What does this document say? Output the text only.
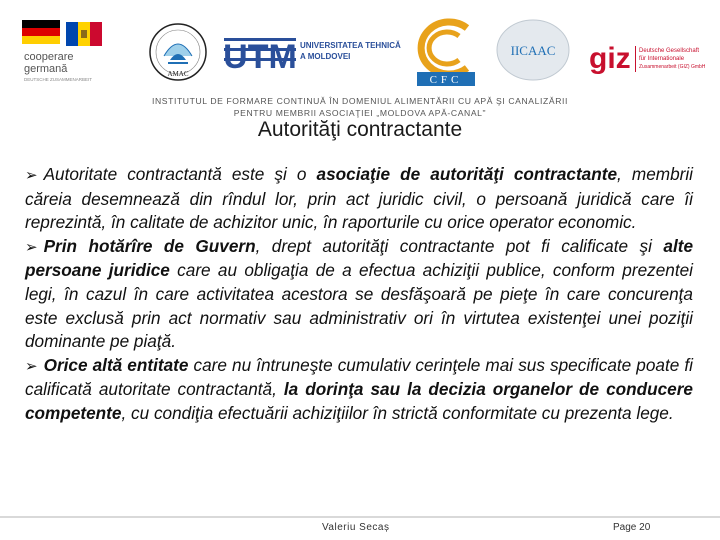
cooperare
germană
DEUTSCHE ZUSAMMENARBEIT
AMAC UTM UNIVERSITATEA TEHNICĂ
A MOLDOVEI
CFC
IICAAC giz Deutsche Gesellschaft
für Internationale
Zusammenarbeit (GIZ) GmbH
INSTITUTUL DE FORMARE CONTINUĂ ÎN DOMENIUL ALIMENTĂRII CU APĂ ŞI CANALIZĂRII
PENTRU MEMBRII ASOCIAŢIEI „MOLDOVA APĂ-CANAL"
Autorităţi contractante

➢ Autoritate contractantă este şi o asociaţie de autorităţi contractante, membrii căreia desemnează din rîndul lor, prin act juridic civil, o persoană juridică care îi reprezintă, în calitate de achizitor unic, în raporturile cu orice operator economic.

➢ Prin hotărîre de Guvern, drept autorităţi contractante pot fi calificate şi alte persoane juridice care au obligaţia de a efectua achiziţii publice, conform prezentei legi, în cazul în care activitatea acestora se desfăşoară pe pieţe în care concurenţa este exclusă prin act normativ sau administrativ ori în virtutea existenţei unei poziţii dominante pe piaţă.

➢ Orice altă entitate care nu întruneşte cumulativ cerinţele mai sus specificate poate fi calificată autoritate contractantă, la dorinţa sau la decizia organelor de conducere competente, cu condiţia efectuării achiziţiilor în strictă conformitate cu prezenta lege.

Valeriu Secaș	Page 20
